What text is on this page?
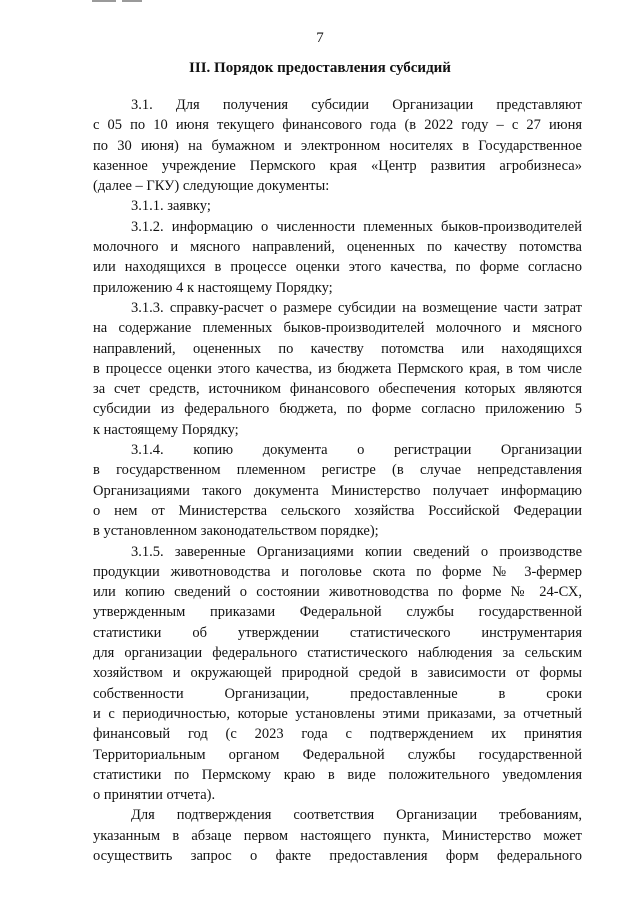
7
III. Порядок предоставления субсидий
3.1. Для получения субсидии Организации представляют
с 05 по 10 июня текущего финансового года (в 2022 году – с 27 июня
по 30 июня) на бумажном и электронном носителях в Государственное
казенное учреждение Пермского края «Центр развития агробизнеса»
(далее – ГКУ) следующие документы:
3.1.1. заявку;
3.1.2. информацию о численности племенных быков-производителей
молочного и мясного направлений, оцененных по качеству потомства
или находящихся в процессе оценки этого качества, по форме согласно
приложению 4 к настоящему Порядку;
3.1.3. справку-расчет о размере субсидии на возмещение части затрат
на содержание племенных быков-производителей молочного и мясного
направлений, оцененных по качеству потомства или находящихся
в процессе оценки этого качества, из бюджета Пермского края, в том числе
за счет средств, источником финансового обеспечения которых являются
субсидии из федерального бюджета, по форме согласно приложению 5
к настоящему Порядку;
3.1.4. копию документа о регистрации Организации
в государственном племенном регистре (в случае непредставления
Организациями такого документа Министерство получает информацию
о нем от Министерства сельского хозяйства Российской Федерации
в установленном законодательством порядке);
3.1.5. заверенные Организациями копии сведений о производстве
продукции животноводства и поголовье скота по форме № 3-фермер
или копию сведений о состоянии животноводства по форме № 24-СХ,
утвержденным приказами Федеральной службы государственной
статистики об утверждении статистического инструментария
для организации федерального статистического наблюдения за сельским
хозяйством и окружающей природной средой в зависимости от формы
собственности Организации, предоставленные в сроки
и с периодичностью, которые установлены этими приказами, за отчетный
финансовый год (с 2023 года с подтверждением их принятия
Территориальным органом Федеральной службы государственной
статистики по Пермскому краю в виде положительного уведомления
о принятии отчета).
Для подтверждения соответствия Организации требованиям,
указанным в абзаце первом настоящего пункта, Министерство может
осуществить запрос о факте предоставления форм федерального
